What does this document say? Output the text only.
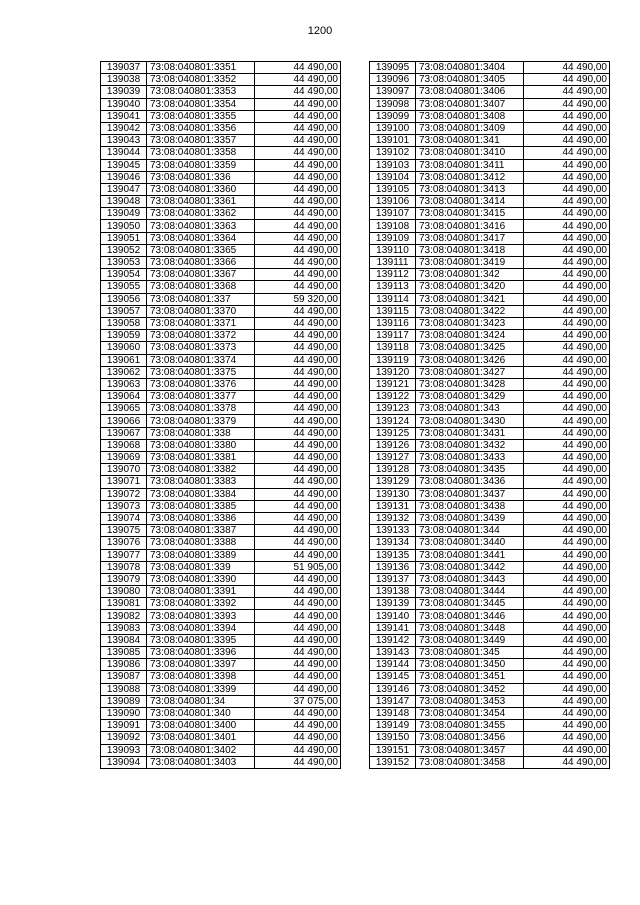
1200
139037	73:08:040801:3351	44 490,00
139038	73:08:040801:3352	44 490,00
139039	73:08:040801:3353	44 490,00
139040	73:08:040801:3354	44 490,00
139041	73:08:040801:3355	44 490,00
139042	73:08:040801:3356	44 490,00
139043	73:08:040801:3357	44 490,00
139044	73:08:040801:3358	44 490,00
139045	73:08:040801:3359	44 490,00
139046	73:08:040801:336	44 490,00
139047	73:08:040801:3360	44 490,00
139048	73:08:040801:3361	44 490,00
139049	73:08:040801:3362	44 490,00
139050	73:08:040801:3363	44 490,00
139051	73:08:040801:3364	44 490,00
139052	73:08:040801:3365	44 490,00
139053	73:08:040801:3366	44 490,00
139054	73:08:040801:3367	44 490,00
139055	73:08:040801:3368	44 490,00
139056	73:08:040801:337	59 320,00
139057	73:08:040801:3370	44 490,00
139058	73:08:040801:3371	44 490,00
139059	73:08:040801:3372	44 490,00
139060	73:08:040801:3373	44 490,00
139061	73:08:040801:3374	44 490,00
139062	73:08:040801:3375	44 490,00
139063	73:08:040801:3376	44 490,00
139064	73:08:040801:3377	44 490,00
139065	73:08:040801:3378	44 490,00
139066	73:08:040801:3379	44 490,00
139067	73:08:040801:338	44 490,00
139068	73:08:040801:3380	44 490,00
139069	73:08:040801:3381	44 490,00
139070	73:08:040801:3382	44 490,00
139071	73:08:040801:3383	44 490,00
139072	73:08:040801:3384	44 490,00
139073	73:08:040801:3385	44 490,00
139074	73:08:040801:3386	44 490,00
139075	73:08:040801:3387	44 490,00
139076	73:08:040801:3388	44 490,00
139077	73:08:040801:3389	44 490,00
139078	73:08:040801:339	51 905,00
139079	73:08:040801:3390	44 490,00
139080	73:08:040801:3391	44 490,00
139081	73:08:040801:3392	44 490,00
139082	73:08:040801:3393	44 490,00
139083	73:08:040801:3394	44 490,00
139084	73:08:040801:3395	44 490,00
139085	73:08:040801:3396	44 490,00
139086	73:08:040801:3397	44 490,00
139087	73:08:040801:3398	44 490,00
139088	73:08:040801:3399	44 490,00
139089	73:08:040801:34	37 075,00
139090	73:08:040801:340	44 490,00
139091	73:08:040801:3400	44 490,00
139092	73:08:040801:3401	44 490,00
139093	73:08:040801:3402	44 490,00
139094	73:08:040801:3403	44 490,00
139095	73:08:040801:3404	44 490,00
139096	73:08:040801:3405	44 490,00
139097	73:08:040801:3406	44 490,00
139098	73:08:040801:3407	44 490,00
139099	73:08:040801:3408	44 490,00
139100	73:08:040801:3409	44 490,00
139101	73:08:040801:341	44 490,00
139102	73:08:040801:3410	44 490,00
139103	73:08:040801:3411	44 490,00
139104	73:08:040801:3412	44 490,00
139105	73:08:040801:3413	44 490,00
139106	73:08:040801:3414	44 490,00
139107	73:08:040801:3415	44 490,00
139108	73:08:040801:3416	44 490,00
139109	73:08:040801:3417	44 490,00
139110	73:08:040801:3418	44 490,00
139111	73:08:040801:3419	44 490,00
139112	73:08:040801:342	44 490,00
139113	73:08:040801:3420	44 490,00
139114	73:08:040801:3421	44 490,00
139115	73:08:040801:3422	44 490,00
139116	73:08:040801:3423	44 490,00
139117	73:08:040801:3424	44 490,00
139118	73:08:040801:3425	44 490,00
139119	73:08:040801:3426	44 490,00
139120	73:08:040801:3427	44 490,00
139121	73:08:040801:3428	44 490,00
139122	73:08:040801:3429	44 490,00
139123	73:08:040801:343	44 490,00
139124	73:08:040801:3430	44 490,00
139125	73:08:040801:3431	44 490,00
139126	73:08:040801:3432	44 490,00
139127	73:08:040801:3433	44 490,00
139128	73:08:040801:3435	44 490,00
139129	73:08:040801:3436	44 490,00
139130	73:08:040801:3437	44 490,00
139131	73:08:040801:3438	44 490,00
139132	73:08:040801:3439	44 490,00
139133	73:08:040801:344	44 490,00
139134	73:08:040801:3440	44 490,00
139135	73:08:040801:3441	44 490,00
139136	73:08:040801:3442	44 490,00
139137	73:08:040801:3443	44 490,00
139138	73:08:040801:3444	44 490,00
139139	73:08:040801:3445	44 490,00
139140	73:08:040801:3446	44 490,00
139141	73:08:040801:3448	44 490,00
139142	73:08:040801:3449	44 490,00
139143	73:08:040801:345	44 490,00
139144	73:08:040801:3450	44 490,00
139145	73:08:040801:3451	44 490,00
139146	73:08:040801:3452	44 490,00
139147	73:08:040801:3453	44 490,00
139148	73:08:040801:3454	44 490,00
139149	73:08:040801:3455	44 490,00
139150	73:08:040801:3456	44 490,00
139151	73:08:040801:3457	44 490,00
139152	73:08:040801:3458	44 490,00
